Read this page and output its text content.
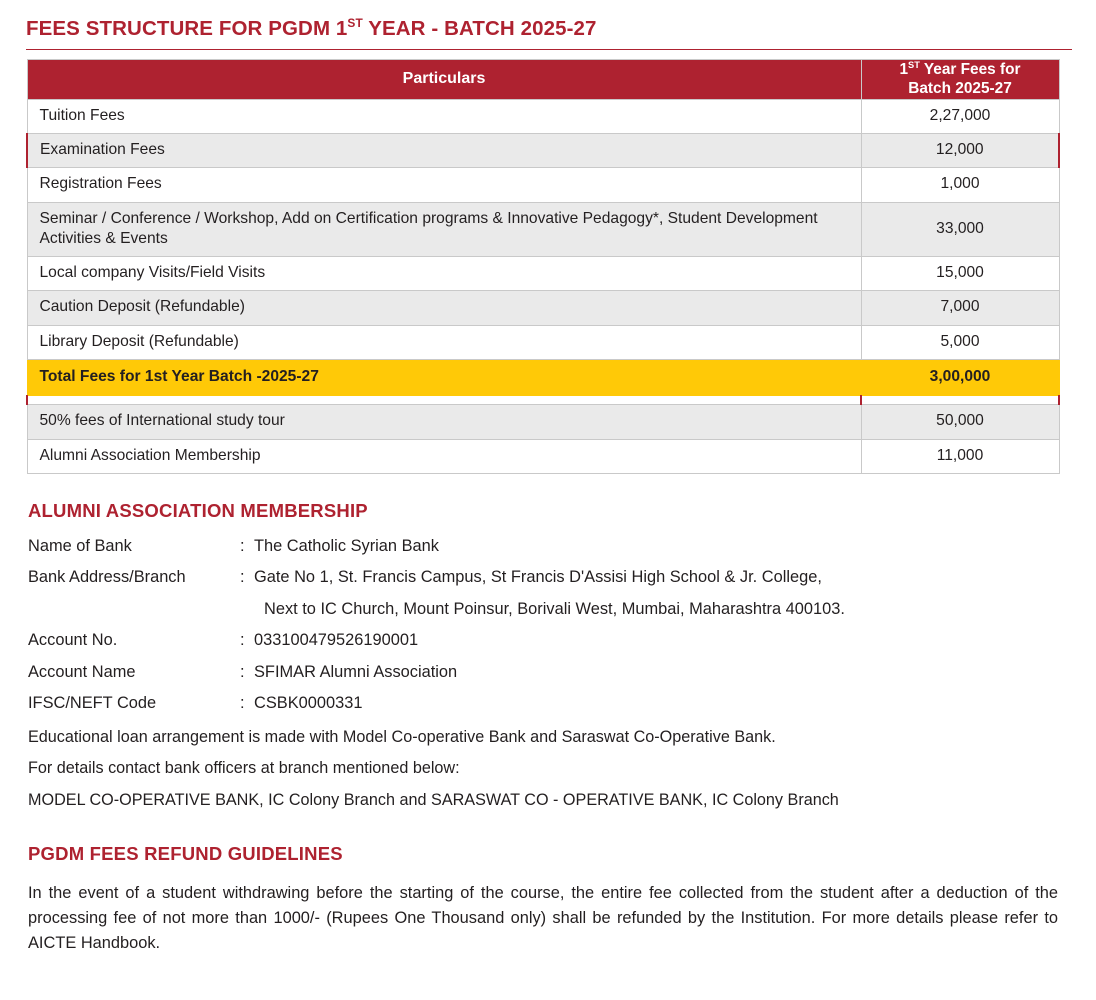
FEES STRUCTURE FOR PGDM 1ST YEAR - BATCH 2025-27
Particulars	1ST Year Fees for
Batch 2025-27
Tuition Fees	2,27,000
Examination Fees	12,000
Registration Fees	1,000
Seminar / Conference / Workshop, Add on Certification programs & Innovative Pedagogy*, Student Development Activities & Events	33,000
Local company Visits/Field Visits	15,000
Caution Deposit (Refundable)	7,000
Library Deposit (Refundable)	5,000
Total Fees for 1st Year Batch -2025-27	3,00,000

50% fees of International study tour	50,000
Alumni Association Membership	11,000
ALUMNI ASSOCIATION MEMBERSHIP
Name of Bank	: The Catholic Syrian Bank
Bank Address/Branch	: Gate No 1, St. Francis Campus, St Francis D'Assisi High School & Jr. College,
Next to IC Church, Mount Poinsur, Borivali West, Mumbai, Maharashtra 400103.
Account No.	: 033100479526190001
Account Name	: SFIMAR Alumni Association
IFSC/NEFT Code	: CSBK0000331
Educational loan arrangement is made with Model Co-operative Bank and Saraswat Co-Operative Bank.
For details contact bank officers at branch mentioned below:
MODEL CO-OPERATIVE BANK, IC Colony Branch and SARASWAT CO - OPERATIVE BANK, IC Colony Branch
PGDM FEES REFUND GUIDELINES

In the event of a student withdrawing before the starting of the course, the entire fee collected from the student after a deduction of the processing fee of not more than 1000/- (Rupees One Thousand only) shall be refunded by the Institution. For more details please refer to AICTE Handbook.
